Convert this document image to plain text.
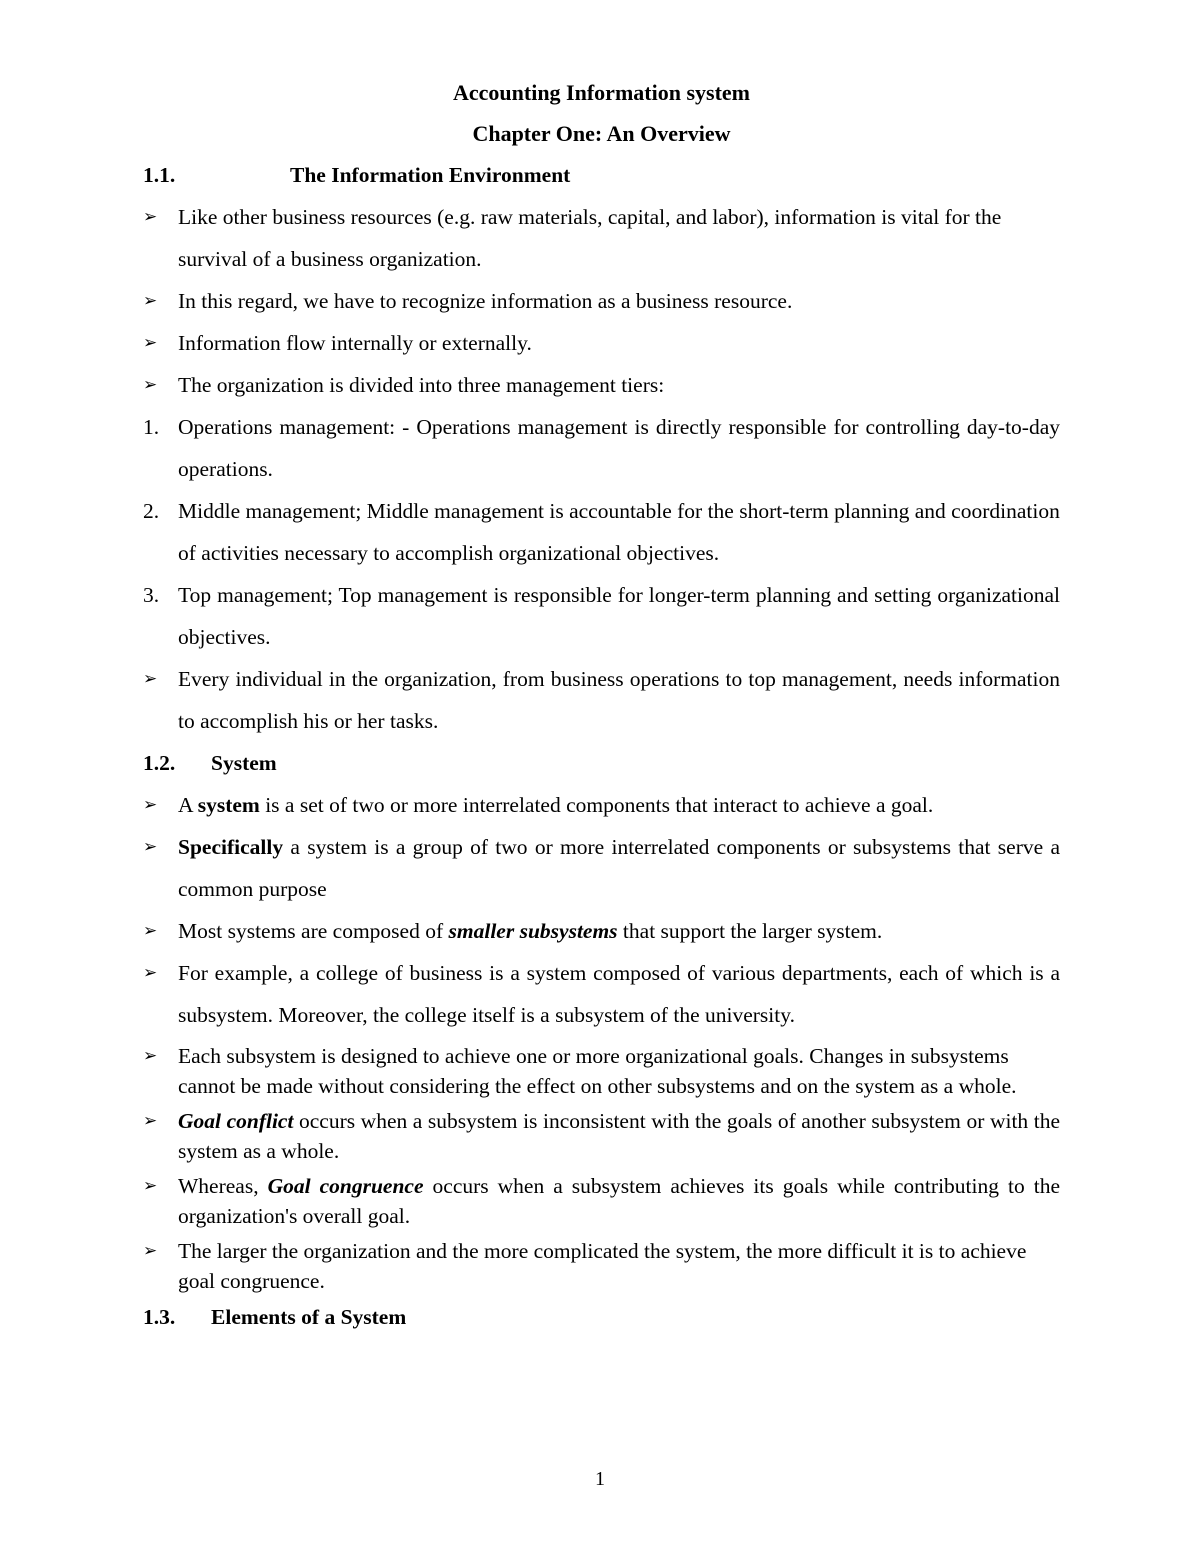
Accounting Information system
Chapter One: An Overview
1.1.	The Information Environment
➢ Like other business resources (e.g. raw materials, capital, and labor), information is vital for the survival of a business organization.
➢ In this regard, we have to recognize information as a business resource.
➢ Information flow internally or externally.
➢ The organization is divided into three management tiers:
1. Operations management: - Operations management is directly responsible for controlling day-to-day operations.
2. Middle management; Middle management is accountable for the short-term planning and coordination of activities necessary to accomplish organizational objectives.
3. Top management; Top management is responsible for longer-term planning and setting organizational objectives.
➢ Every individual in the organization, from business operations to top management, needs information to accomplish his or her tasks.
1.2. System
➢ A system is a set of two or more interrelated components that interact to achieve a goal.
➢ Specifically a system is a group of two or more interrelated components or subsystems that serve a common purpose
➢ Most systems are composed of smaller subsystems that support the larger system.
➢ For example, a college of business is a system composed of various departments, each of which is a subsystem. Moreover, the college itself is a subsystem of the university.
➢ Each subsystem is designed to achieve one or more organizational goals. Changes in subsystems cannot be made without considering the effect on other subsystems and on the system as a whole.
➢ Goal conflict occurs when a subsystem is inconsistent with the goals of another subsystem or with the system as a whole.
➢ Whereas, Goal congruence occurs when a subsystem achieves its goals while contributing to the organization's overall goal.
➢ The larger the organization and the more complicated the system, the more difficult it is to achieve goal congruence.
1.3. Elements of a System
1
